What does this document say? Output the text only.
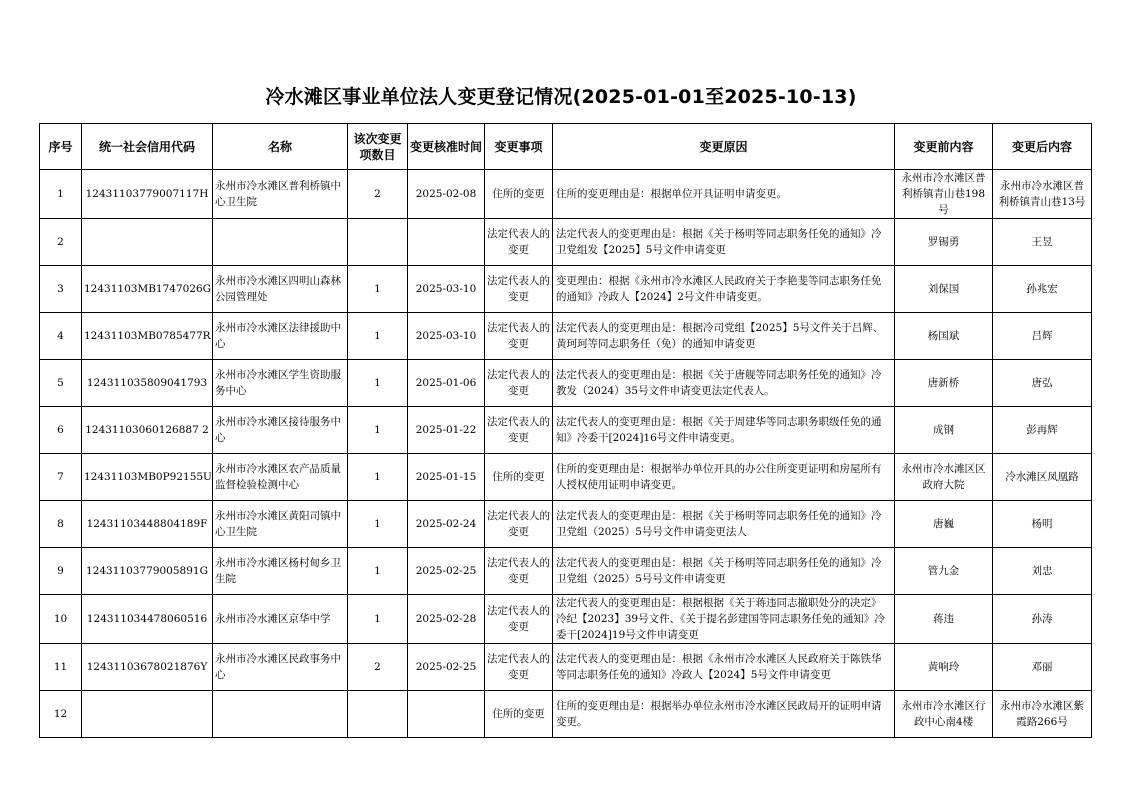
冷水滩区事业单位法人变更登记情况(2025-01-01至2025-10-13)
序号	统一社会信用代码	名称	该次变更项数目	变更核准时间	变更事项	变更原因	变更前内容	变更后内容
1	12431103779007117H	永州市冷水滩区普利桥镇中心卫生院	2	2025-02-08	住所的变更	住所的变更理由是：根据单位开具证明申请变更。	永州市冷水滩区普利桥镇青山巷198号	永州市冷水滩区普利桥镇青山巷13号
2					法定代表人的变更	法定代表人的变更理由是：根据《关于杨明等同志职务任免的通知》冷卫党组发【2025】5号文件申请变更	罗锡勇	王昱
3	12431103MB1747026G	永州市冷水滩区四明山森林公园管理处	1	2025-03-10	法定代表人的变更	变更理由：根据《永州市冷水滩区人民政府关于李艳斐等同志职务任免的通知》冷政人【2024】2号文件申请变更。	刘保国	孙兆宏
4	12431103MB0785477R	永州市冷水滩区法律援助中心	1	2025-03-10	法定代表人的变更	法定代表人的变更理由是：根据冷司党组【2025】5号文件关于吕辉、黄珂珂等同志职务任（免）的通知申请变更	杨国斌	吕辉
5	124311035809041793	永州市冷水滩区学生资助服务中心	1	2025-01-06	法定代表人的变更	法定代表人的变更理由是：根据《关于唐舰等同志职务任免的通知》冷教发（2024）35号文件申请变更法定代表人。	唐新桥	唐弘
6	12431103060126887 2	永州市冷水滩区接待服务中心	1	2025-01-22	法定代表人的变更	法定代表人的变更理由是：根据《关于周建华等同志职务职级任免的通知》冷委干[2024]16号文件申请变更。	成钢	彭再辉
7	12431103MB0P92155U	永州市冷水滩区农产品质量监督检验检测中心	1	2025-01-15	住所的变更	住所的变更理由是：根据举办单位开具的办公住所变更证明和房屋所有人授权使用证明申请变更。	永州市冷水滩区区政府大院	冷水滩区凤凰路
8	12431103448804189F	永州市冷水滩区黄阳司镇中心卫生院	1	2025-02-24	法定代表人的变更	法定代表人的变更理由是：根据《关于杨明等同志职务任免的通知》冷卫党组（2025）5号号文件申请变更法人	唐巍	杨明
9	12431103779005891G	永州市冷水滩区杨村甸乡卫生院	1	2025-02-25	法定代表人的变更	法定代表人的变更理由是：根据《关于杨明等同志职务任免的通知》冷卫党组（2025）5号号文件申请变更	管九金	刘忠
10	124311034478060516	永州市冷水滩区京华中学	1	2025-02-28	法定代表人的变更	法定代表人的变更理由是：根据根据《关于蒋违同志撤职处分的决定》冷纪【2023】39号文件、《关于提名彭建国等同志职务任免的通知》冷委干[2024]19号文件申请变更	蒋违	孙涛
11	12431103678021876Y	永州市冷水滩区民政事务中心	2	2025-02-25	法定代表人的变更	法定代表人的变更理由是：根据《永州市冷水滩区人民政府关于陈铁华等同志职务任免的通知》冷政人【2024】5号文件申请变更	黄响玲	邓丽
12					住所的变更	住所的变更理由是：根据举办单位永州市冷水滩区民政局开的证明申请变更。	永州市冷水滩区行政中心南4楼	永州市冷水滩区紫霞路266号
